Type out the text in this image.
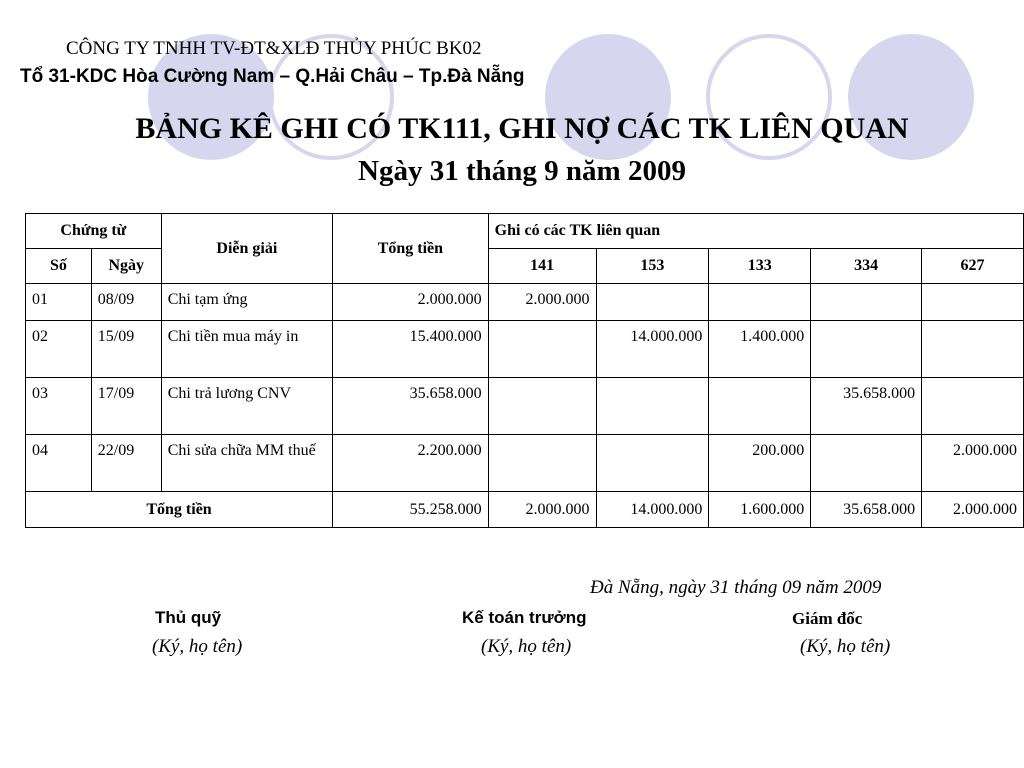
CÔNG TY TNHH TV-ĐT&XLĐ THỦY PHÚC BK02
Tổ 31-KDC Hòa Cường Nam – Q.Hải Châu – Tp.Đà Nẵng
BẢNG KÊ GHI CÓ TK111, GHI NỢ CÁC TK LIÊN QUAN
Ngày 31 tháng 9 năm 2009
Chứng từ		Diễn giải	Tổng tiền	Ghi có các TK liên quan				
Số	Ngày			141	153	133	334	627
01	08/09	Chi tạm ứng	2.000.000	2.000.000				
02	15/09	Chi tiền mua máy in	15.400.000		14.000.000	1.400.000		
03	17/09	Chi trả lương CNV	35.658.000				35.658.000	
04	22/09	Chi sửa chữa MM thuế	2.200.000			200.000		2.000.000
Tổng tiền			55.258.000	2.000.000	14.000.000	1.600.000	35.658.000	2.000.000
Đà Nẵng, ngày 31 tháng 09 năm 2009
Thủ quỹ
(Ký, họ tên)
Kế toán trưởng
(Ký, họ tên)
Giám đốc
(Ký, họ tên)
